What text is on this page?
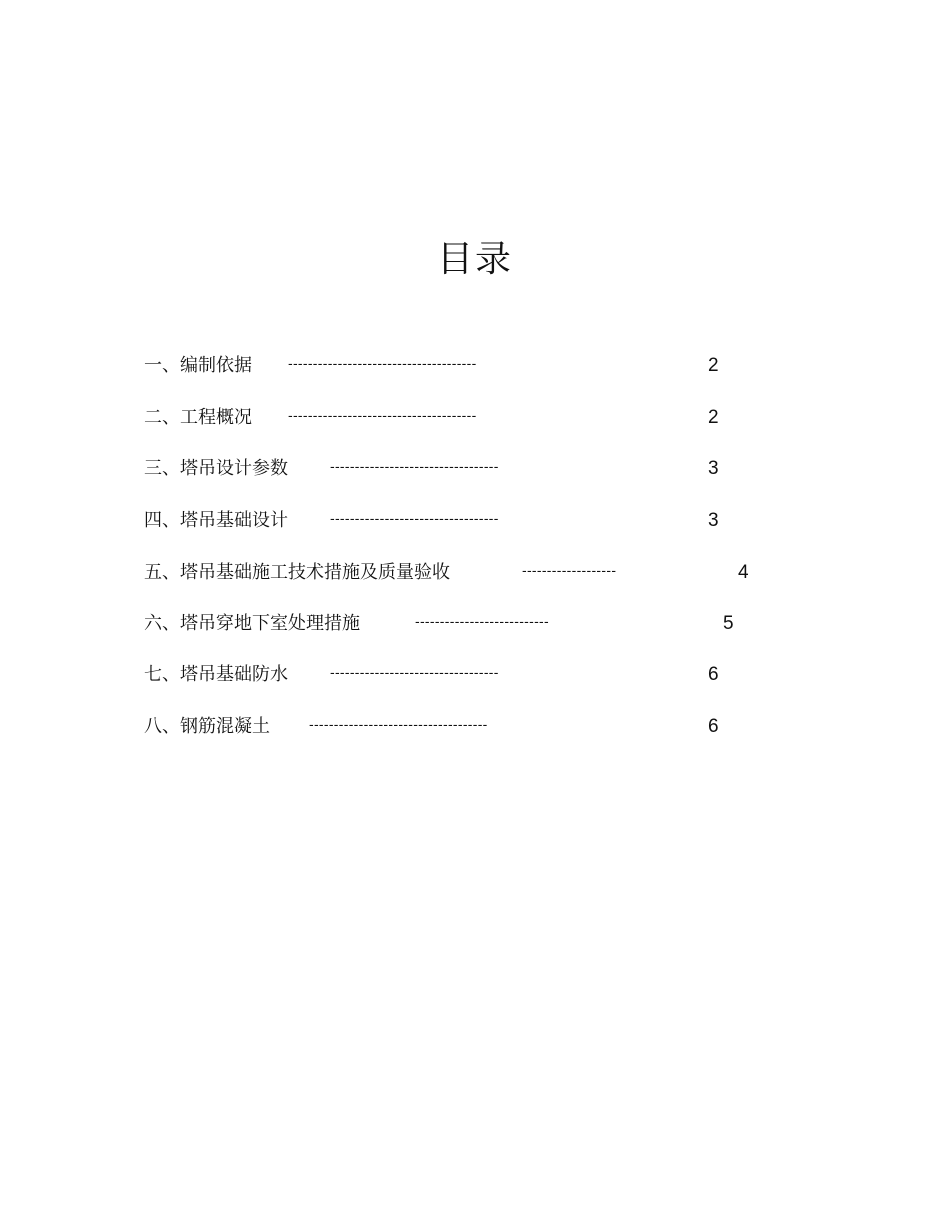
目录
一、编制依据	--------------------------------------	2
二、工程概况	--------------------------------------	2
三、塔吊设计参数	----------------------------------	3
四、塔吊基础设计	----------------------------------	3
五、塔吊基础施工技术措施及质量验收	-------------------	4
六、塔吊穿地下室处理措施	---------------------------	5
七、塔吊基础防水	----------------------------------	6
八、钢筋混凝土	------------------------------------	6
